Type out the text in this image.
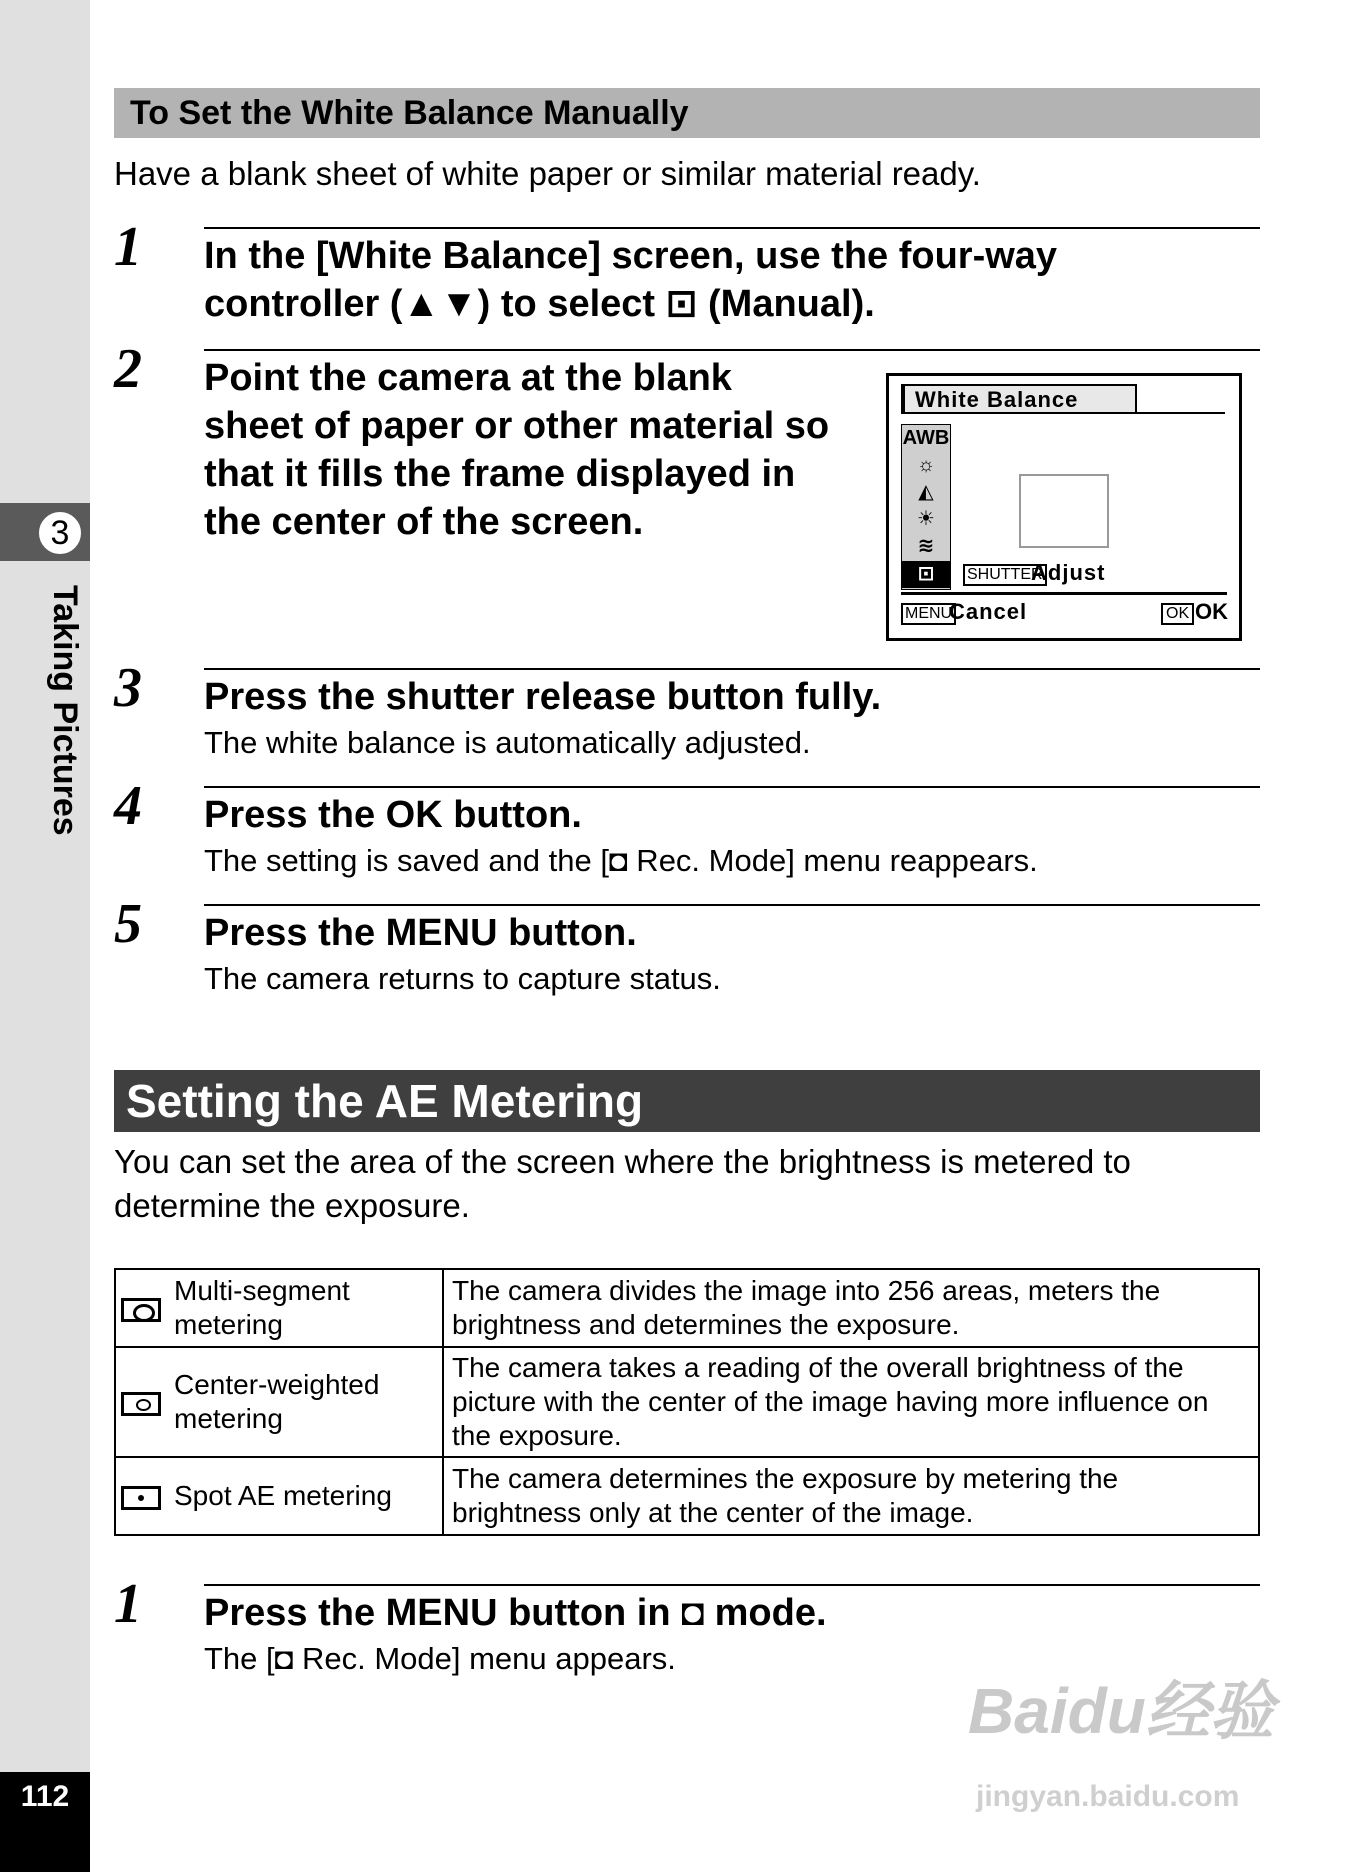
3
Taking Pictures
112
To Set the White Balance Manually
Have a blank sheet of white paper or similar material ready.
1 In the [White Balance] screen, use the four-way
controller (▲▼) to select ⊡ (Manual).
2 Point the camera at the blank
sheet of paper or other material so
that it fills the frame displayed in
the center of the screen.
White Balance
AWB
☼
◭
☀
≋
⊡	SHUTTER
Adjust
MENU
Cancel	OK OK
3 Press the shutter release button fully.
The white balance is automatically adjusted.
4 Press the OK button.
The setting is saved and the [◘ Rec. Mode] menu reappears.
5 Press the MENU button.
The camera returns to capture status.
Setting the AE Metering
You can set the area of the screen where the brightness is metered to
determine the exposure.

	Multi-segment
metering	The camera divides the image into 256 areas, meters the brightness and determines the exposure.

	Center-weighted
metering	The camera takes a reading of the overall brightness of the picture with the center of the image having more influence on the exposure.

	Spot AE metering	The camera determines the exposure by metering the brightness only at the center of the image.
1 Press the MENU button in ◘ mode.
The [◘ Rec. Mode] menu appears.
Baidu经验
jingyan.baidu.com
